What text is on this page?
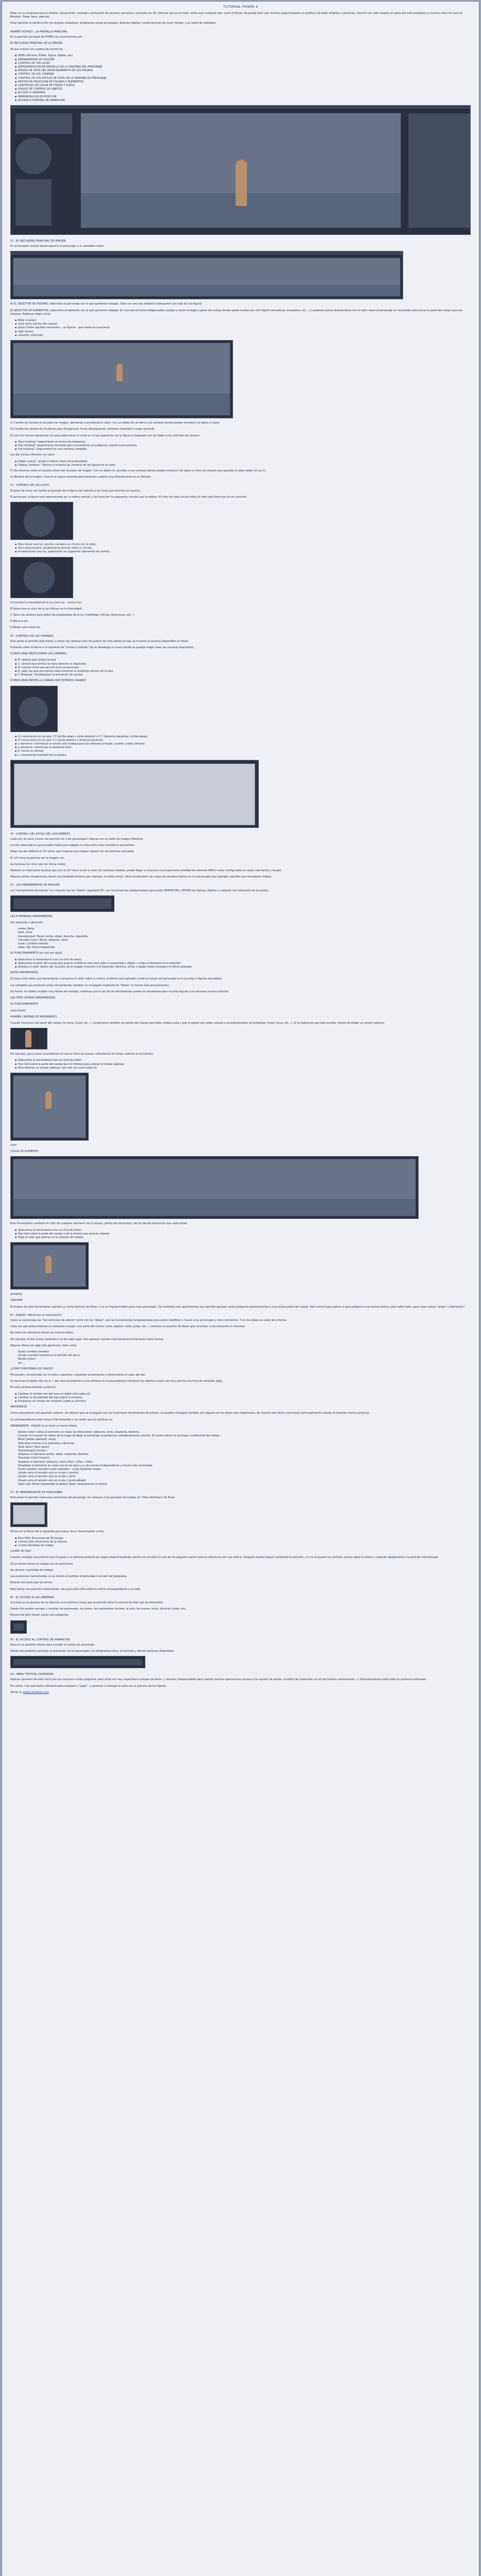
TUTORIAL POSER 4

Poser es un programa para el diseño, composición, montaje y animación de escenas, personas y animales en 3D, diremos que es el mejor, antes que cualquier otro -como el Bryce. Se puede decir que muchos juegos basados en gráficos 3d están dirigidos a personas, muchos han sido creados en parte por este programa (y muchos otros los hace el Blender). Poser tiene, además...

Poser permite la construcción de escenas completas, empleando varios personajes, diversos objetos, combinaciones de luces, fondos, y un estilo de utilidades.

PRIMER VISTAZO : LA PANTALLA PRINCIPAL

En la pantalla principal de POSER nos encontramos con:

EL RECUADRO PRINCIPAL DE LA IMAGEN

de que indican los cuadros de control de:

▪ MENU (Archivo, Editar, Figura, Objeto, etc)
▪ HERRAMIENTAS DE EDICION
▪ CONTROL DE LAS LUCES
▪ REPRESENTACION EN PANTALLA DE LA VENTANA DEL PERSONAJE
▪ MODOS DE VISTA DEL DESPLAZAMIENTO DE LAS FIGURAS
▪ CONTROL DE LAS CAMARAS
▪ CONTROL DE LOS ESTILOS DE VISTA DE LA VENTANA DE PERSONAJE
▪ RESTOS DE SELECCION DE FIGURAS Y ELEMENTOS
▪ CONTROLES DE COLOR DE FONDO Y SUELO
▪ EDALES DE CONTROL DE OBJETOS
▪ ACCESO A LIBRERIAS
▪ MEMORIZACION DE POSICION
▪ ACCESO A CONTROL DE ANIMACION
1º.- EL RECUADRO PRINCIPAL DE IMAGEN

En el recuadro central donde aparece el personaje, o si, alrededor estan:

A) EL SELECTOR DE FIGURAS, selecciona el personaje con lo que queremos trabajar. (Solo con sera de utilidad si trabajamos con más de una figura)

B) SELECTOR DE ELEMENTOS, selecciona el elemento con el que queremos trabajar. En una herramienta indispensable, porque a veces al elegir a parte del cuerpo donde queda ocultas por otro objeto (armaduras, brazaletes, etc...) y podemos pulsar directamente con el ratón sobre el personaje sin necesidad seleccionar la parte del cuerpo que nos interesa. Podemos elegir entre:

▪ Body (cuerpo)
▪ body parts (partes del cuerpo)
▪ props (todos aquellos elementos - no figuras - que existe en la escena)
▪ light (luces)
▪ cameras (cámaras)

C) Cambio de tamaño al recuadro de imagen, afectando a amudando el ratón. Con un doble clic se abrira una ventana donde puedes introducir los datos a mano.

D) Cambio los colores de 10 planos para (foreground, fondo (background), sombras (shadows) o suelo (ground)

E) Con tres iconos representa con para seleccionar el modo en el que queremos ver la figura al desplazar con los diales a los controles de cámara:

▪ Toon tracking" (seguimiento en forma de polígonos),
▪ Fast tracking" (seguimiento simulado para movimientos en polígonos cuando la encuentran,
▪ Full tracking" (seguimiento en una ventana completa.

Los dos iconos inferiores son para:

▪ Depth cueing": añade el efecto visual de profundidad.
▪ Display shadows": Elimina o muestra las sombras de las figuras en el suelo.

F) Dos botones sobre el tamaño actual del recuadro de imagen. Con un doble clic accedes a una ventana donde puedes introducir los datos a mano (la relación que guardan la lados doble clic en C)

G) Nombre de la imagen: (usa en la fuerza valorada precisamente o abierto una directamente en su librería).

2º.- CONTROL DE LAS LUCES

El panel de luces nos facilita la posición de la figura con relación a las luces que tenemos en escena.

El personaje, la figura está representada por la esfera central, y las luces por los pequeños circulos que la rodean. El color de cada circulo indica el color que tiene esa luz en concreto.

▪ Para mover una luz, pincha y arrastra su círculo con el ratón.
▪ Para seleccionarla, simplemente pinchar sobre su círculo.
▪ Al seleccionar una luz, aparecerán los siguientes elementos de control :

A Controla la intensidad de la luz (mas luz - menos luz).

B Selecciona el color de la luz (influye en la intensidad).

C Abre una ventana para editar las propiedades de la luz (visibilidad, infinita, direccional, etc...)

D Borra la luz.

E Añade una nueva luz.

3º.- CONTROL DE LAS CAMARAS

Este panel te permite seleccionar y mover las cámaras (son los puntos de vista desde los que se muestra la escena) disponibles en Poser.

Pulsando sobre la flecha a la izquierda de "Camera Controls" (A) se despliega un menú donde se pueden elegir todas las cámaras disponibles.

ICONOS PARA SELECCIONAR LAS CAMARAS:

▪ B: cámara que enfoca la cara
▪ C: cámara que enfoca la mano derecha (o izquierda)
▪ D: cámara movil que gira en tomo al personaje
▪ E: cada vez que pinchamos seleccionamos la siguiente cámara de la lista
▪ F: Bloquear / Desbloquear la animación de escena

ICONOS PARA MOVER LA CAMARA QUE ESTEMOS USANDO

▪ G: movimiento en los ejes Y Z (arriba-abajo y atrás-delante) o X Y (derecha-izquierda y arriba-abajo)
▪ H: movimiento en los ejes X Z (atrás-delante y derecha-izquierda)
▪ I: aumenta o disminuye la escala (solo trabaja para las cámaras principal, auxiliar y dolly cámara)
▪ J: aumenta o disminuye la distancia focal
▪ K: inclina la cámara
▪ L: movimiento trackball de la cámara
4º.- CONTROL DEL ESTILO DEL DOCUMENTO

Cada uno de estos iconos nos permite ver a los personajes o figuras con un estilo de imagen diferente.

Lo más adecuado es que prueben todos para adaptar la vista como más convede tu encuentres.

Poser usa por defecto el 12º icono, que muestra una imagen natural con las texturas asociadas.

El 12º icono te permite ver la imagen con

las texturas tal como van (en forma malla).

También es importante recalcar que aun el 12º icono va de la vista con texturas malallas, puede llegar a consumir una importante cantidad de memoria RAM si estas configuradas te vayan más lentos y tengan.

Algunos estilos simplemente tienen una finalidad artística (por ejemplo, el estilo comic). Otros te permiten ver mejor los cambios hechos en los personajes (por ejemplo, aquellos que incorporan mallas).

5º.- LAS HERRAMIENTAS DE EDICION

Las "herramientas de edición" en conjunto con los "diales" (apartado 6º), son herramientas indispensables para poder MODIFICAR y MOVER las figuras, objetos y cualquier otro elemento de la escena.

LAS 6 PRIMERAS HERRAMIENTAS

(De izquierda a derecha):

rotate: Rotar
twist: Girar
translate/pull: Mover arriba, abajo, derecha, izquierda
translate in/out: Mover adelante, atrás
scale: Cambiar tamaño
taper: Dar forma trapezoidal

SU FUNCIONAMIENTO (es casi por igual)

▪ Selecciona la herramienta (con un click de ratón)
▪ Selecciona la parte del cuerpo que quieras modificar (has click sobre el personaje o objeto, o elige el elemento en el selector)
▪ Arrastra el ratón dentro del recuadro de la imagen (moverlo a la izquierda, derecha, arriba o abajo) hasta conseguir el efecto deseado.

NOTAS IMPORTANTES:

Si haces click sobre una herramienta, y arrastras el ratón sobre la misma, el efecto será aplicado a todo el cuerpo del personaje (o a sus props o figuras asociadas).

Las variables que producen estas herramientas, también se consiguen mediante los "diales" (o mucho más precisamente).

De hecho, los diales resultan muy fáciles de manejar, mientras que el uso de las herramientas puede ser desastroso para muchas figuras si no tenemos mucha práctica.

LAS TRES ULTIMAS HERRAMIENTAS

SU FUNCIONAMIENTO

chain break

ROMPER CADENAS DE MOVIMIENTO

Cuando movemos una parte del cuerpo (la mano, el pie, etc...), arrastramos también las partes del cuerpo que están unidas a ella y que la siguen por orden natural o encadenamiento (el antebrazo, brazo, torso, etc...). Si no queremos que esto suceda, hemos de añadir un rompe cadenas.

Por ejemplo: para mover el antebrazo sin que el torso se mueva, colocaremos el rompe cadenas en el hombro.

▪ Selecciona la herramienta (con un click de ratón)
▪ Haz click sobre la parte del cuerpo que te interese para colocar el rompe cadenas.
▪ Para eliminar un rompe cadenas, haz click de nuevo sobre él.

color

COLOR DE ELEMENTO

Esta herramienta cambiará el color de cualquier elemento de la escena, partes del personaje y de los demás elementos que selecciones.

▪ Selecciona la herramienta (con un click de ratón)
▪ Haz click sobre la parte del cuerpo o de la escena que quieras colorear
▪ Elige el color que quieras en la ventana de colores

grouping

AGRUPAR

El empleo de esta herramienta requiere un cierto dominio de Poser, y no es imprescindible para crear personajes. Da momento solo apuntaremos que permite agrupar varios polígonos pertenecientes a una misma parte del cuerpo. Esto servirá para aplicar a esos polígonos una misma textura, pero sobre todo, para crear nuevos "props" o elementos".

6º.- DIALES "diferentes al movimiento"

Como se comentaba las "herramientas de edición" junto con los "diales", son las herramientas fundamentales para poder modificar y mover a los personajes y otros elementos. Y sin los diales se verán de la forma.

Cada vez que seleccionamos un elemento (cuerpo, una parte del mismo, luces, objetos, suelo, props, etc...) veremos el conjunto de diales que controlan a ese elemento en concreto.

No todos los elementos tienen los mismos diales.

Por ejemplo, el dial Grasp (sostener) o el de coger algo! sólo aparece cuando seleccionamos el elemento hand (mano).

Algunos diales son algo más genéricos, tales como:

Scale (cambiar tamaño)
xScale (cambiar tamaño en el sentido del eje x)
Rotate (rotar)
etc.....

¿COMO FUNCIONAN LOS DIALES?

Pinchando y arrastrando con el ratón a derecha o izquierda aumentamos o disminuimos el valor del dial.

Si hacemos un doble click en el ↑ del valor accedemos a una ventana en la que podemos introducir los valores a mano (es muy preciso a la hora de necesitar algo).

En esta ventana también podemos:

▪ Cambiar el nombre del dial (con un doble click sobre el)
▪ Cambiar la sensibilidad del dial (sobre el primero)
▪ Establecer los límites de variación (sobre el primero)

IMPORTANTE:

Como necesitamos del apartado anterior, los efectos que se consiguen con las 6 primeras herramientas de edición, se pueden conseguir también con algunos de los diales más importantes, de manera más fácil y controlada (principalmente cuando se tenemos mucha práctica).

La correspondencia entre estas 6 herramientas y los diales que les atribuye es:

HERRAMIENTA - DIALES (a un favor el mismo efecto

Rotate (rotar) indica el elemento en todas las direcciones: adelante, atrás, izquierda, derecha.
Cuando se mueven los diales así el fuego de Bajar al personaje se podremos verdaderamente extraño. El mismo efecto se consigue combinando dos diales :
Bend (doblar adelante, atras)
Side-Side (inclinar a la izquierda y derecha)
Twist (girar) Twist (girar)
Translate/pull (mover):
desplaza el elemento arriba, abajo, izquierda, derecha
Translate in/out (mover):
desplaza el elemento adelante, atrás xTran / yTran / zTran
Desplazar el elemento en cada una de los ejes x,y,z de manera independiente y mucho más controlada
Scale (cambiar tamaño) scale (cambiar) - scale haciéndo mayor.
xScale varía el tamaño solo en el eje x (ancho)
yScale varía el tamaño solo en el eje y (alto)
zScale varía el tamaño solo en el eje z (profundidad)
Taper (dar forma trapezoidal al objeto) Taper: exactamente lo mismo.
7º.- EL MEMORIZADOR DE POSICIONES

Este panel te permite memorizar posiciones del personaje, las cámaras y las pantallas de trabajo (lo "View Interface") de Poser.

Pincha en la flecha de la izquierda para pasar de un memorizador a otro.

▪ Para Edits Posiciones del Personaje
▪ Camara Asks Posiciones de la Cámara
▪ Ui Asks Pantallas de trabajo

¿COMO SE USA?

Cuando consigas una posición que te guste y no quieras perderla por seguir experimentando, pincha con el ratón en uno de los agujeros vacíos (solo es referencia con una esfera). Después puedes seguir cambiando la posición, y si no te gustan los cambios, pulsas sobre la esfera y volverás rápidamente a la posición memorizada.

De la misma forma se trabaja con las posiciones

de cámara y pantallas de trabajo.

Las posiciones memorizadas no se borran al cambiar el personaje ni al salir del programa.

Estarán ahí hasta que las borres.

Para borrar una posición memorizada, solo pulsa Alt+click sobre la esfera correspondiente y ya está.

8º.- EL ACCESO A LAS LIBRERIAS

Si pulsas en la pestaña de las librerías se te abrirá el menú que te permite llenar la escena de todo tipo de elementos.

Desde ella puedes escoger y cambiar los personajes, sus poses, las expresiones faciales, el pelo, las manos, luces, cámaras, props, etc...

Muchos de ellos tienen varias sub-categorías.

9º.- EL ACCESO AL CONTROL DE ANIMACION

Pulsa en la pestaña inferior para acceder al control de animación.

Desde ella podemos controlar la animación de los personajes, los fotogramas clave, la duración y demás opciones disponibles.

10.- MENU TEXTUAL (SUPERIOR)

Algunas opciones de este menú son los comunes a todo programa, pero otras son muy especiales o propias de Poser, y resultan indispensables para realizar muchas operaciones (acceso a los ajustes de render, al editor de materiales, al uso de fuentes, animaciones...). Profundizaremos sobre ellas en próximos tutoriales.

Por ahora, creo que basta suficiente para empezar a "jugar", y aprender a manejar la vista con la práctica de tus figuras.

Volver al: poser.ultrahost.com
